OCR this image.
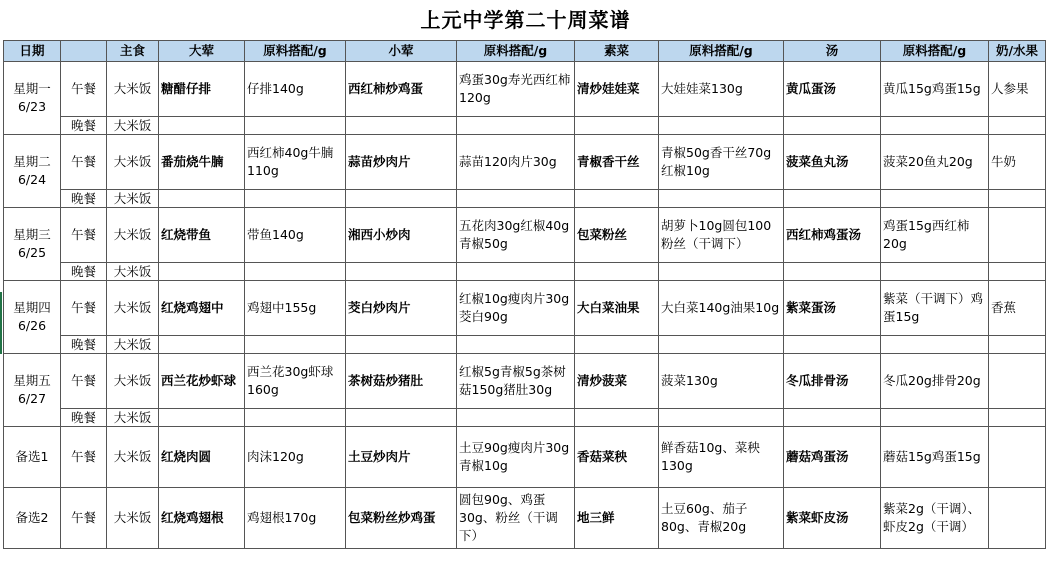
上元中学第二十周菜谱
日期		主食	大荤	原料搭配/g	小荤	原料搭配/g	素菜	原料搭配/g	汤	原料搭配/g	奶/水果

星期一
6/23	午餐	大米饭	糖醋仔排	仔排140g	西红柿炒鸡蛋	鸡蛋30g寿光西红柿120g	清炒娃娃菜	大娃娃菜130g	黄瓜蛋汤	黄瓜15g鸡蛋15g	人参果
	晚餐	大米饭									

星期二
6/24	午餐	大米饭	番茄烧牛腩	西红柿40g牛腩110g	蒜苗炒肉片	蒜苗120肉片30g	青椒香干丝	青椒50g香干丝70g红椒10g	菠菜鱼丸汤	菠菜20鱼丸20g	牛奶
	晚餐	大米饭									

星期三
6/25	午餐	大米饭	红烧带鱼	带鱼140g	湘西小炒肉	五花肉30g红椒40g青椒50g	包菜粉丝	胡萝卜10g圆包100粉丝（干调下）	西红柿鸡蛋汤	鸡蛋15g西红柿20g	
	晚餐	大米饭									

星期四
6/26	午餐	大米饭	红烧鸡翅中	鸡翅中155g	茭白炒肉片	红椒10g瘦肉片30g茭白90g	大白菜油果	大白菜140g油果10g	紫菜蛋汤	紫菜（干调下）鸡蛋15g	香蕉
	晚餐	大米饭									

星期五
6/27	午餐	大米饭	西兰花炒虾球	西兰花30g虾球160g	茶树菇炒猪肚	红椒5g青椒5g茶树菇150g猪肚30g	清炒菠菜	菠菜130g	冬瓜排骨汤	冬瓜20g排骨20g	
	晚餐	大米饭									
备选1	午餐	大米饭	红烧肉圆	肉沫120g	土豆炒肉片	土豆90g瘦肉片30g青椒10g	香菇菜秧	鲜香菇10g、菜秧130g	蘑菇鸡蛋汤	蘑菇15g鸡蛋15g	
备选2	午餐	大米饭	红烧鸡翅根	鸡翅根170g	包菜粉丝炒鸡蛋	圆包90g、鸡蛋30g、粉丝（干调下）	地三鲜	土豆60g、茄子80g、青椒20g	紫菜虾皮汤	紫菜2g（干调）、虾皮2g（干调）	
